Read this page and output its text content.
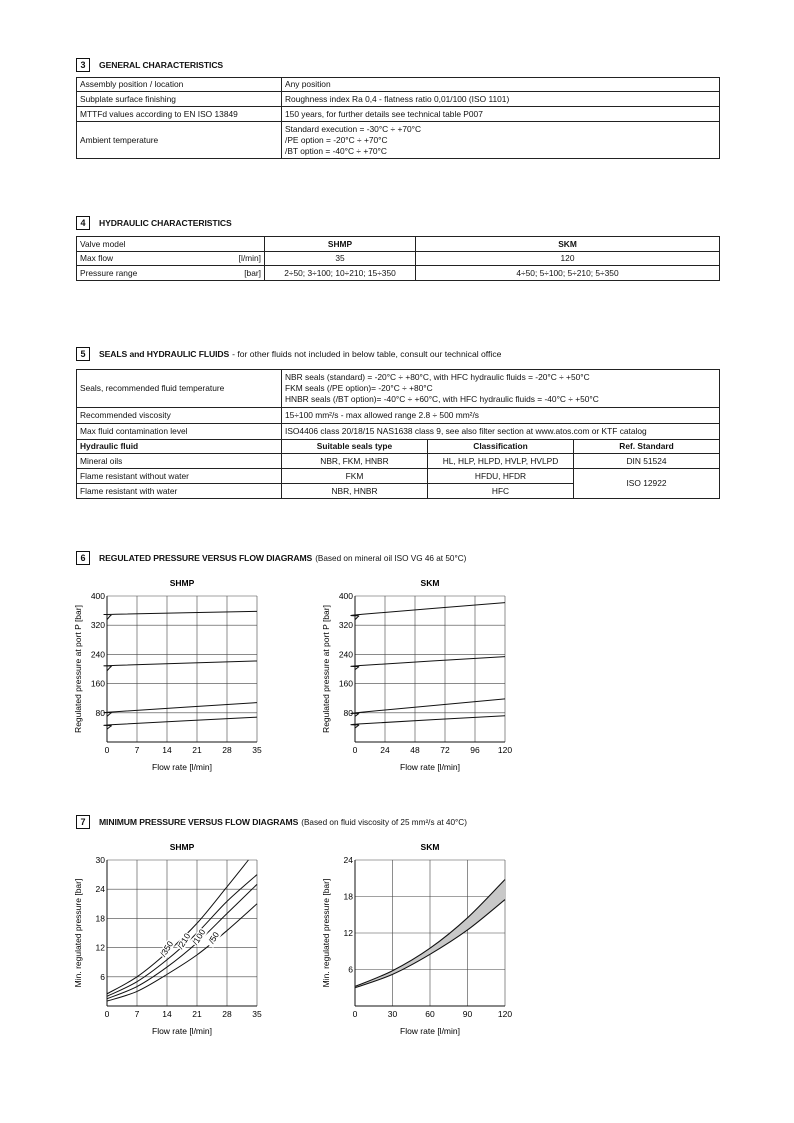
3	GENERAL CHARACTERISTICS
Assembly position / location	Any position
Subplate surface finishing	Roughness index Ra 0,4 - flatness ratio 0,01/100 (ISO 1101)
MTTFd values according to EN ISO 13849	150 years, for further details see technical table P007
Ambient temperature	Standard execution = -30°C ÷ +70°C
/PE option = -20°C ÷ +70°C
/BT option = -40°C ÷ +70°C
4	HYDRAULIC CHARACTERISTICS
Valve model	SHMP	SKM

Max flow [l/min]	35	120

Pressure range [bar]	2÷50; 3÷100; 10÷210; 15÷350	4÷50; 5÷100; 5÷210; 5÷350
5	SEALS and HYDRAULIC FLUIDS - for other fluids not included in below table, consult our technical office
Seals, recommended fluid temperature	NBR seals (standard) = -20°C ÷ +80°C, with HFC hydraulic fluids = -20°C ÷ +50°C
FKM seals (/PE option)= -20°C ÷ +80°C
HNBR seals (/BT option)= -40°C ÷ +60°C, with HFC hydraulic fluids = -40°C ÷ +50°C		

Recommended viscosity	15÷100 mm²/s - max allowed range 2.8 ÷ 500 mm²/s		
Max fluid contamination level	ISO4406 class 20/18/15 NAS1638 class 9, see also filter section at www.atos.com or KTF catalog		
Hydraulic fluid	Suitable seals type	Classification	Ref. Standard
Mineral oils	NBR, FKM, HNBR	HL, HLP, HLPD, HVLP, HVLPD	DIN 51524
Flame resistant without water	FKM	HFDU, HFDR	ISO 12922
Flame resistant with water	NBR, HNBR	HFC	
6	REGULATED PRESSURE VERSUS FLOW DIAGRAMS (Based on mineral oil ISO VG 46 at 50°C)
7	MINIMUM PRESSURE VERSUS FLOW DIAGRAMS (Based on fluid viscosity of 25 mm²/s at 40°C)
SHMP
0	7	14 21 28 35
80
160
240
320
400
Flow rate [l/min]
Regulated pressure at port P [bar]
SKM
0	24 48 72 96 120
80
160
240
320
400
Flow rate [l/min]
Regulated pressure at port P [bar]
SHMP
0	7	14 21 28 35
6
12
18
24
30
Flow rate [l/min]
Min. regulated pressure [bar]	/350 /210
/100 /50
SKM
0	30	60	90	120
6
12
18
24
Flow rate [l/min]
Min. regulated pressure [bar]
